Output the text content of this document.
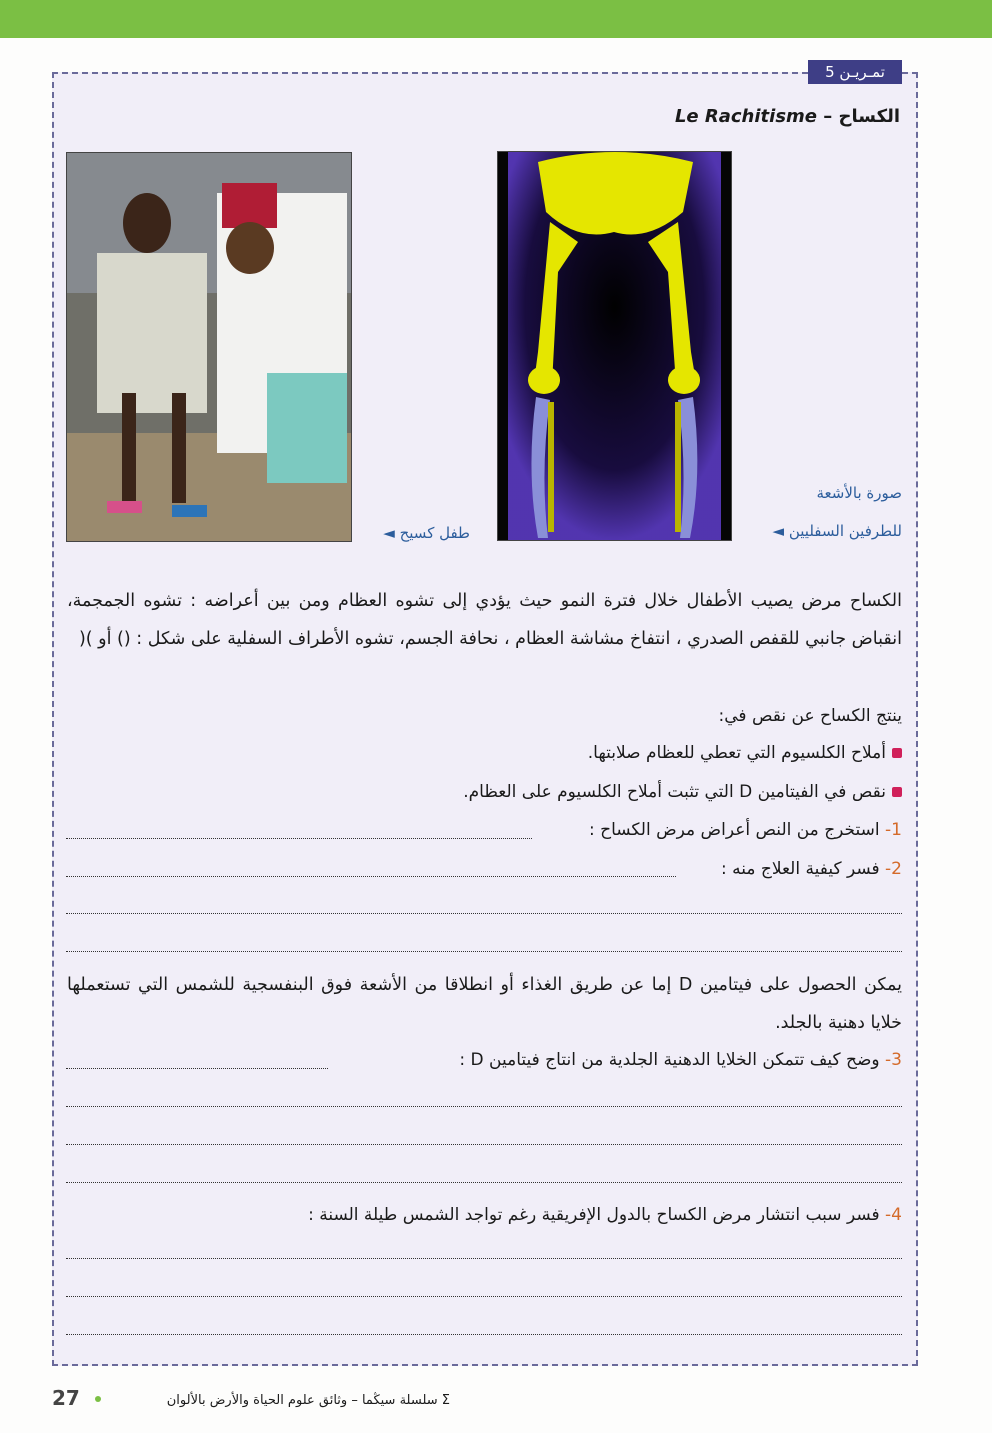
تمـريـن 5
الكساح – Le Rachitisme
صورة بالأشعة
للطرفين السفليين ◄
طفل كسيح ◄
الكساح مرض يصيب الأطفال خلال فترة النمو حيث يؤدي إلى تشوه العظام ومن بين أعراضه : تشوه الجمجمة، انقباض جانبي للقفص الصدري ، انتفاخ مشاشة العظام ، نحافة الجسم، تشوه الأطراف السفلية على شكل : () أو )(
ينتج الكساح عن نقص في:
أملاح الكلسيوم التي تعطي للعظام صلابتها.
نقص في الفيتامين D التي تثبت أملاح الكلسيوم على العظام.
1- استخرج من النص أعراض مرض الكساح :
2- فسر كيفية العلاج منه :
يمكن الحصول على فيتامين D إما عن طريق الغذاء أو انطلاقا من الأشعة فوق البنفسجية للشمس التي تستعملها خلايا دهنية بالجلد.
3- وضح كيف تتمكن الخلايا الدهنية الجلدية من انتاج فيتامين D :
4- فسر سبب انتشار مرض الكساح بالدول الإفريقية رغم تواجد الشمس طيلة السنة :
27	Σ سلسلة سيڭما – وثائق علوم الحياة والأرض بالألوان
